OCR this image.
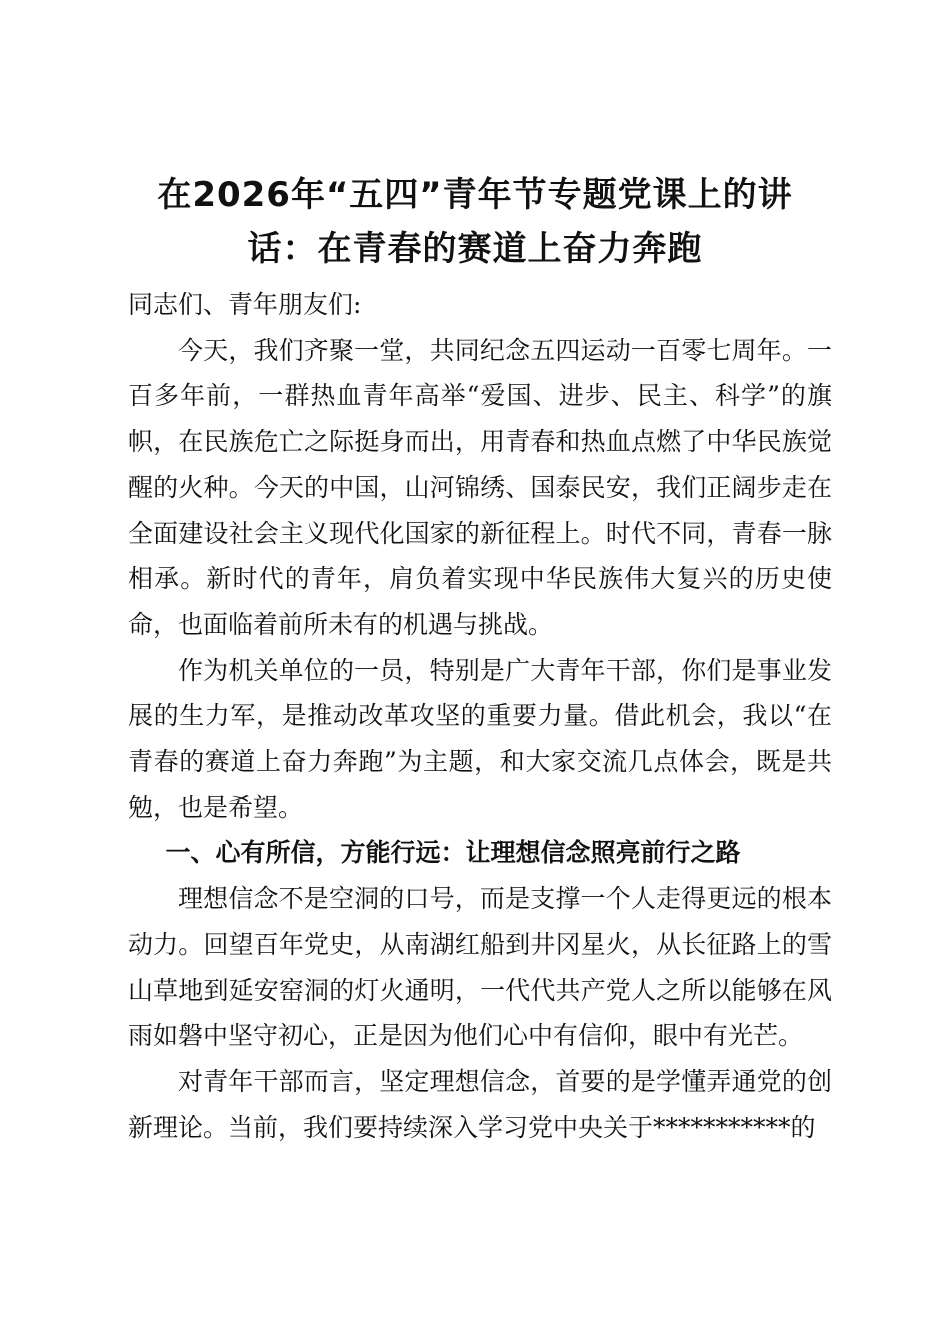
在2026年“五四”青年节专题党课上的讲话：在青春的赛道上奋力奔跑

同志们、青年朋友们:

今天，我们齐聚一堂，共同纪念五四运动一百零七周年。一百多年前，一群热血青年高举“爱国、进步、民主、科学”的旗帜，在民族危亡之际挺身而出，用青春和热血点燃了中华民族觉醒的火种。今天的中国，山河锦绣、国泰民安，我们正阔步走在全面建设社会主义现代化国家的新征程上。时代不同，青春一脉相承。新时代的青年，肩负着实现中华民族伟大复兴的历史使命，也面临着前所未有的机遇与挑战。

作为机关单位的一员，特别是广大青年干部，你们是事业发展的生力军，是推动改革攻坚的重要力量。借此机会，我以“在青春的赛道上奋力奔跑”为主题，和大家交流几点体会，既是共勉，也是希望。

一、心有所信，方能行远：让理想信念照亮前行之路

理想信念不是空洞的口号，而是支撑一个人走得更远的根本动力。回望百年党史，从南湖红船到井冈星火，从长征路上的雪山草地到延安窑洞的灯火通明，一代代共产党人之所以能够在风雨如磐中坚守初心，正是因为他们心中有信仰，眼中有光芒。

对青年干部而言，坚定理想信念，首要的是学懂弄通党的创新理论。当前，我们要持续深入学习党中央关于***********的
